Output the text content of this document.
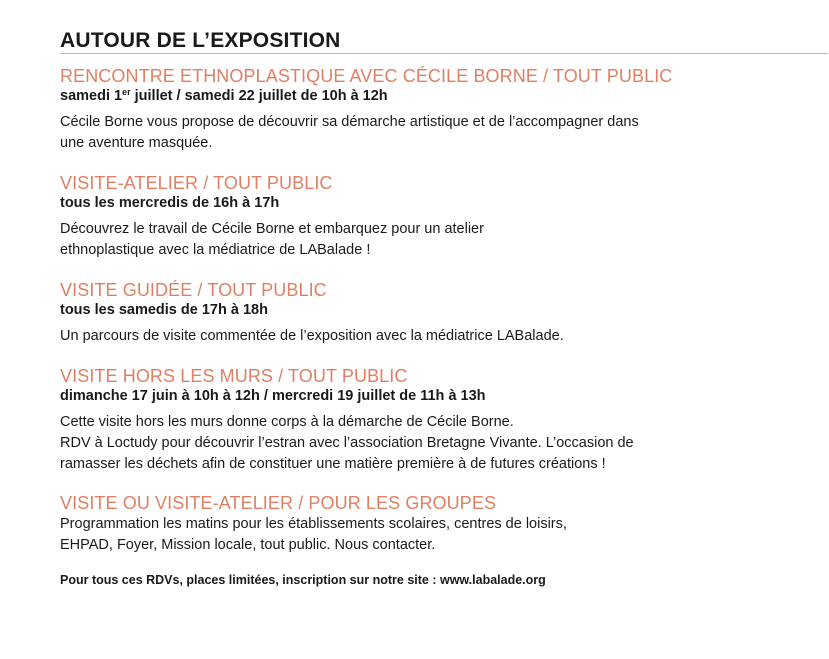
AUTOUR DE L’EXPOSITION
RENCONTRE ETHNOPLASTIQUE AVEC CÉCILE BORNE / TOUT PUBLIC
samedi 1er juillet / samedi 22 juillet de 10h à 12h
Cécile Borne vous propose de découvrir sa démarche artistique et de l’accompagner dans
une aventure masquée.
VISITE-ATELIER / TOUT PUBLIC
tous les mercredis de 16h à 17h
Découvrez le travail de Cécile Borne et embarquez pour un atelier
ethnoplastique avec la médiatrice de LABalade !
VISITE GUIDÉE / TOUT PUBLIC
tous les samedis de 17h à 18h
Un parcours de visite commentée de l’exposition avec la médiatrice LABalade.
VISITE HORS LES MURS / TOUT PUBLIC
dimanche 17 juin à 10h à 12h / mercredi 19 juillet de 11h à 13h
Cette visite hors les murs donne corps à la démarche de Cécile Borne.
RDV à Loctudy pour découvrir l’estran avec l’association Bretagne Vivante. L’occasion de
ramasser les déchets afin de constituer une matière première à de futures créations !
VISITE OU VISITE-ATELIER / POUR LES GROUPES
Programmation les matins pour les établissements scolaires, centres de loisirs,
EHPAD, Foyer, Mission locale, tout public. Nous contacter.
Pour tous ces RDVs, places limitées, inscription sur notre site : www.labalade.org
